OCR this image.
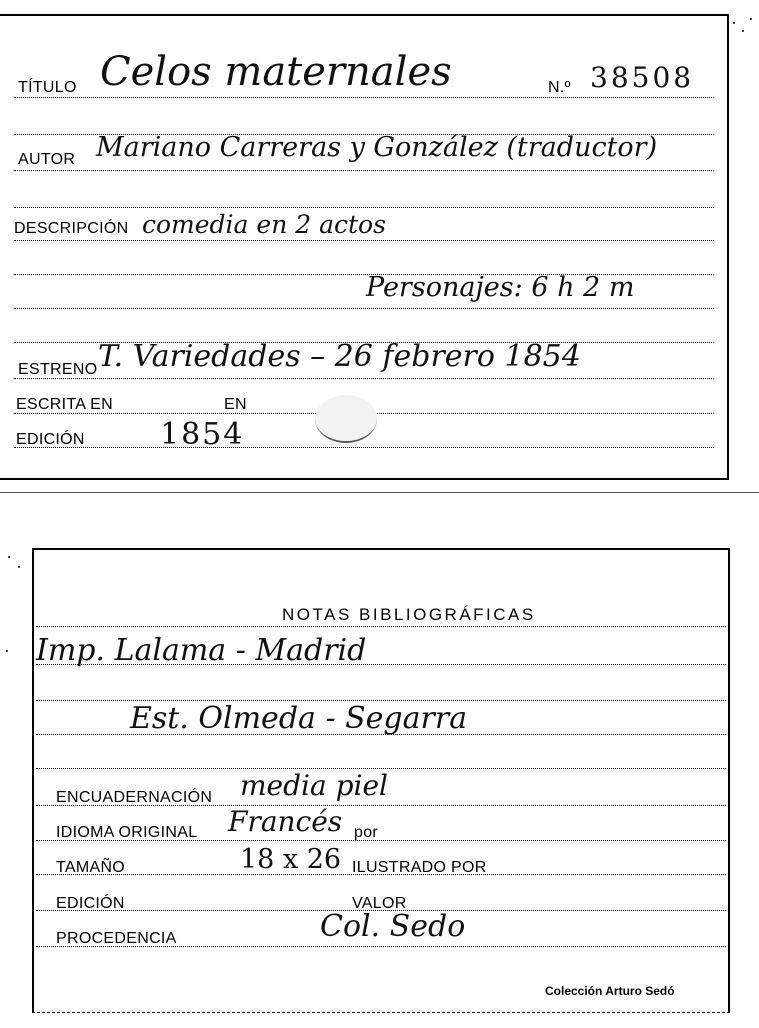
TÍTULO Celos maternales	N.º 38508
AUTOR Mariano Carreras y González (traductor)
DESCRIPCIÓN comedia en 2 actos
Personajes: 6 h 2 m
ESTRENO T. Variedades – 26 febrero 1854
ESCRITA EN	EN
EDICIÓN	1854
NOTAS BIBLIOGRÁFICAS
Imp. Lalama - Madrid
Est. Olmeda - Segarra
ENCUADERNACIÓN media piel
IDIOMA ORIGINAL Francés por
TAMAÑO	18 x 26 ILUSTRADO POR
EDICIÓN	VALOR
PROCEDENCIA	Col. Sedo
Colección Arturo Sedó
